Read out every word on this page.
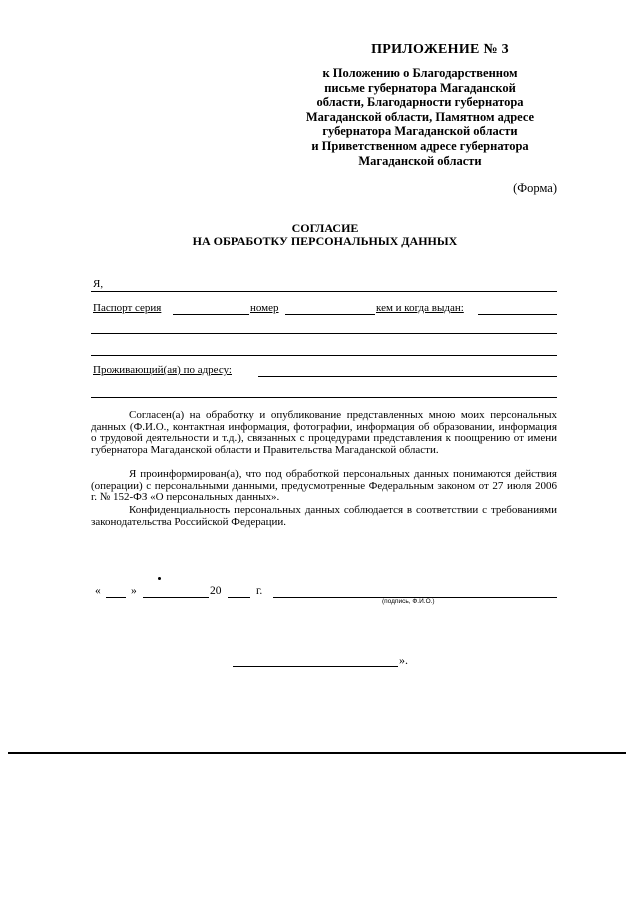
ПРИЛОЖЕНИЕ № 3
к Положению о Благодарственном
письме губернатора Магаданской
области, Благодарности губернатора
Магаданской области, Памятном адресе
губернатора Магаданской области
и Приветственном адресе губернатора
Магаданской области
(Форма)
СОГЛАСИЕ
НА ОБРАБОТКУ ПЕРСОНАЛЬНЫХ ДАННЫХ
Я,
Паспорт серия	номер	кем и когда выдан:
Проживающий(ая) по адресу:
Согласен(а) на обработку и опубликование представленных мною моих персональных данных (Ф.И.О., контактная информация, фотографии, информация об образовании, информация о трудовой деятельности и т.д.), связанных с процедурами представления к поощрению от имени губернатора Магаданской области и Правительства Магаданской области.
Я проинформирован(а), что под обработкой персональных данных понимаются действия (операции) с персональными данными, предусмотренные Федеральным законом от 27 июля 2006 г. № 152-ФЗ «О персональных данных».
Конфиденциальность персональных данных соблюдается в соответствии с требованиями законодательства Российской Федерации.
«	»	20	г.
(подпись, Ф.И.О.)
».
